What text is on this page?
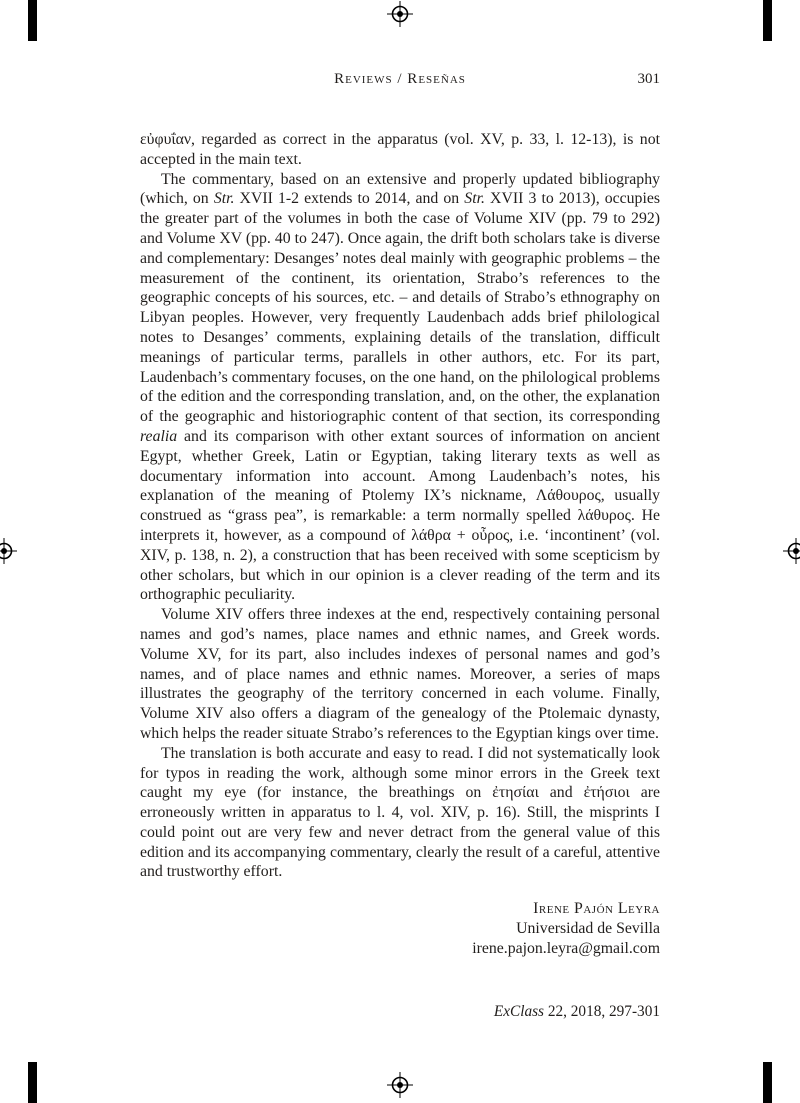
Reviews / Reseñas	301

εὐφυΐαν, regarded as correct in the apparatus (vol. XV, p. 33, l. 12-13), is not accepted in the main text.

The commentary, based on an extensive and properly updated bibliography (which, on Str. XVII 1-2 extends to 2014, and on Str. XVII 3 to 2013), occupies the greater part of the volumes in both the case of Volume XIV (pp. 79 to 292) and Volume XV (pp. 40 to 247). Once again, the drift both scholars take is diverse and complementary: Desanges’ notes deal mainly with geographic problems – the measurement of the continent, its orientation, Strabo’s references to the geographic concepts of his sources, etc. – and details of Strabo’s ethnography on Libyan peoples. However, very frequently Laudenbach adds brief philological notes to Desanges’ comments, explaining details of the translation, difficult meanings of particular terms, parallels in other authors, etc. For its part, Laudenbach’s commentary focuses, on the one hand, on the philological problems of the edition and the corresponding translation, and, on the other, the explanation of the geographic and historiographic content of that section, its corresponding realia and its comparison with other extant sources of information on ancient Egypt, whether Greek, Latin or Egyptian, taking literary texts as well as documentary information into account. Among Laudenbach’s notes, his explanation of the meaning of Ptolemy IX’s nickname, Λάθουρος, usually construed as “grass pea”, is remarkable: a term normally spelled λάθυρος. He interprets it, however, as a compound of λάθρα + οὖρος, i.e. ‘incontinent’ (vol. XIV, p. 138, n. 2), a construction that has been received with some scepticism by other scholars, but which in our opinion is a clever reading of the term and its orthographic peculiarity.

Volume XIV offers three indexes at the end, respectively containing personal names and god’s names, place names and ethnic names, and Greek words. Volume XV, for its part, also includes indexes of personal names and god’s names, and of place names and ethnic names. Moreover, a series of maps illustrates the geography of the territory concerned in each volume. Finally, Volume XIV also offers a diagram of the genealogy of the Ptolemaic dynasty, which helps the reader situate Strabo’s references to the Egyptian kings over time.

The translation is both accurate and easy to read. I did not systematically look for typos in reading the work, although some minor errors in the Greek text caught my eye (for instance, the breathings on ἐτησίαι and ἐτήσιοι are erroneously written in apparatus to l. 4, vol. XIV, p. 16). Still, the misprints I could point out are very few and never detract from the general value of this edition and its accompanying commentary, clearly the result of a careful, attentive and trustworthy effort.

Irene Pajón Leyra
Universidad de Sevilla
irene.pajon.leyra@gmail.com
ExClass 22, 2018, 297-301
